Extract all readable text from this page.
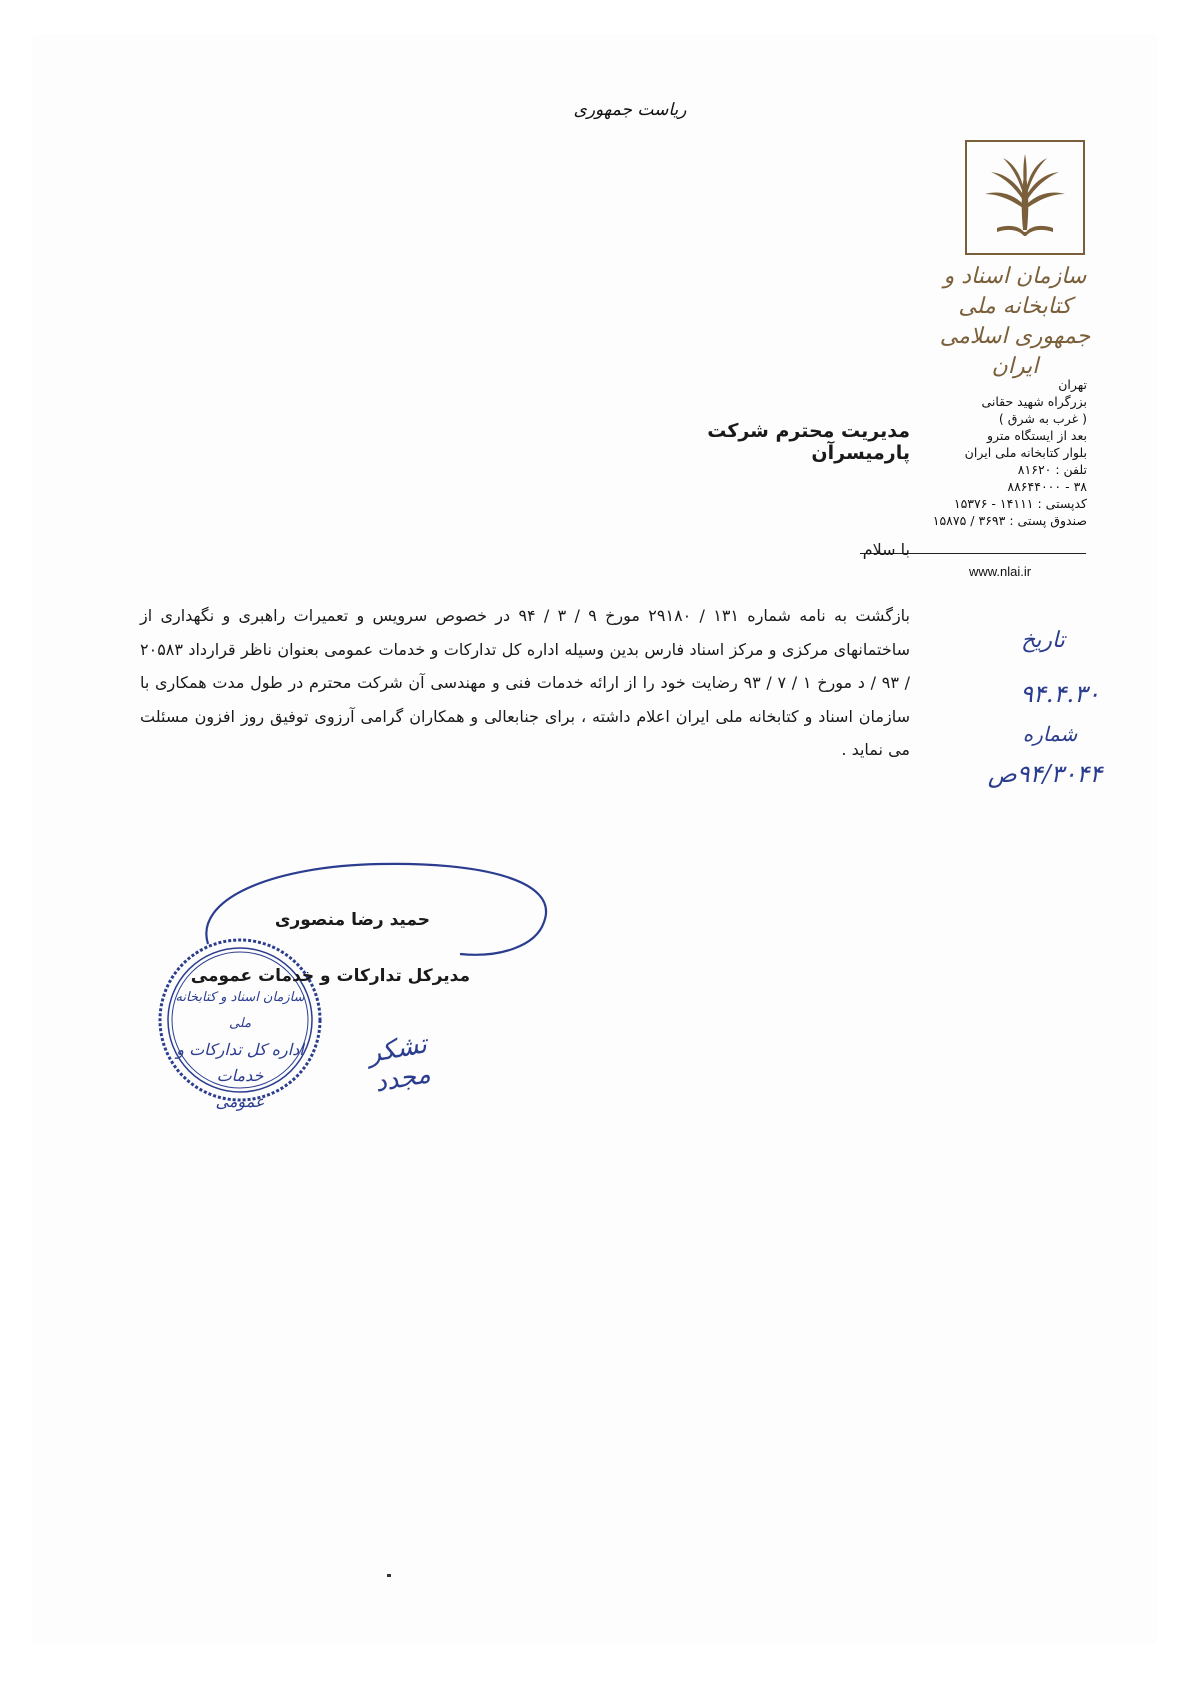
ریاست جمهوری
سازمان اسناد و کتابخانه ملی
جمهوری اسلامی ایران
تهران
بزرگراه شهید حقانی
( غرب به شرق )
بعد از ایستگاه مترو
بلوار کتابخانه ملی ایران
تلفن : ۸۱۶۲۰
۳۸ - ۸۸۶۴۴۰۰۰
کدپستی : ۱۴۱۱۱ - ۱۵۳۷۶
صندوق پستی : ۳۶۹۳ / ۱۵۸۷۵
www.nlai.ir
مدیریت محترم شرکت پارمیسرآن
با سلام
بازگشت به نامه شماره ۱۳۱ / ۲۹۱۸۰ مورخ ۹ / ۳ / ۹۴ در خصوص سرویس و تعمیرات راهبری و نگهداری از ساختمانهای مرکزی و مرکز اسناد فارس بدین وسیله اداره کل تدارکات و خدمات عمومی بعنوان ناظر قرارداد ۲۰۵۸۳ / ۹۳ / د مورخ ۱ / ۷ / ۹۳ رضایت خود را از ارائه خدمات فنی و مهندسی آن شرکت محترم در طول مدت همکاری با سازمان اسناد و کتابخانه ملی ایران اعلام داشته ، برای جنابعالی و همکاران گرامی آرزوی توفیق روز افزون مسئلت می نماید .
تاریخ
۹۴.۴.۳۰
شماره
۹۴/۳۰۴۴ص
حمید رضا منصوری
سازمان اسناد و کتابخانه ملی
اداره کل تدارکات و خدمات
عمومی
مدیرکل تدارکات و خدمات عمومی
تشکر مجدد
